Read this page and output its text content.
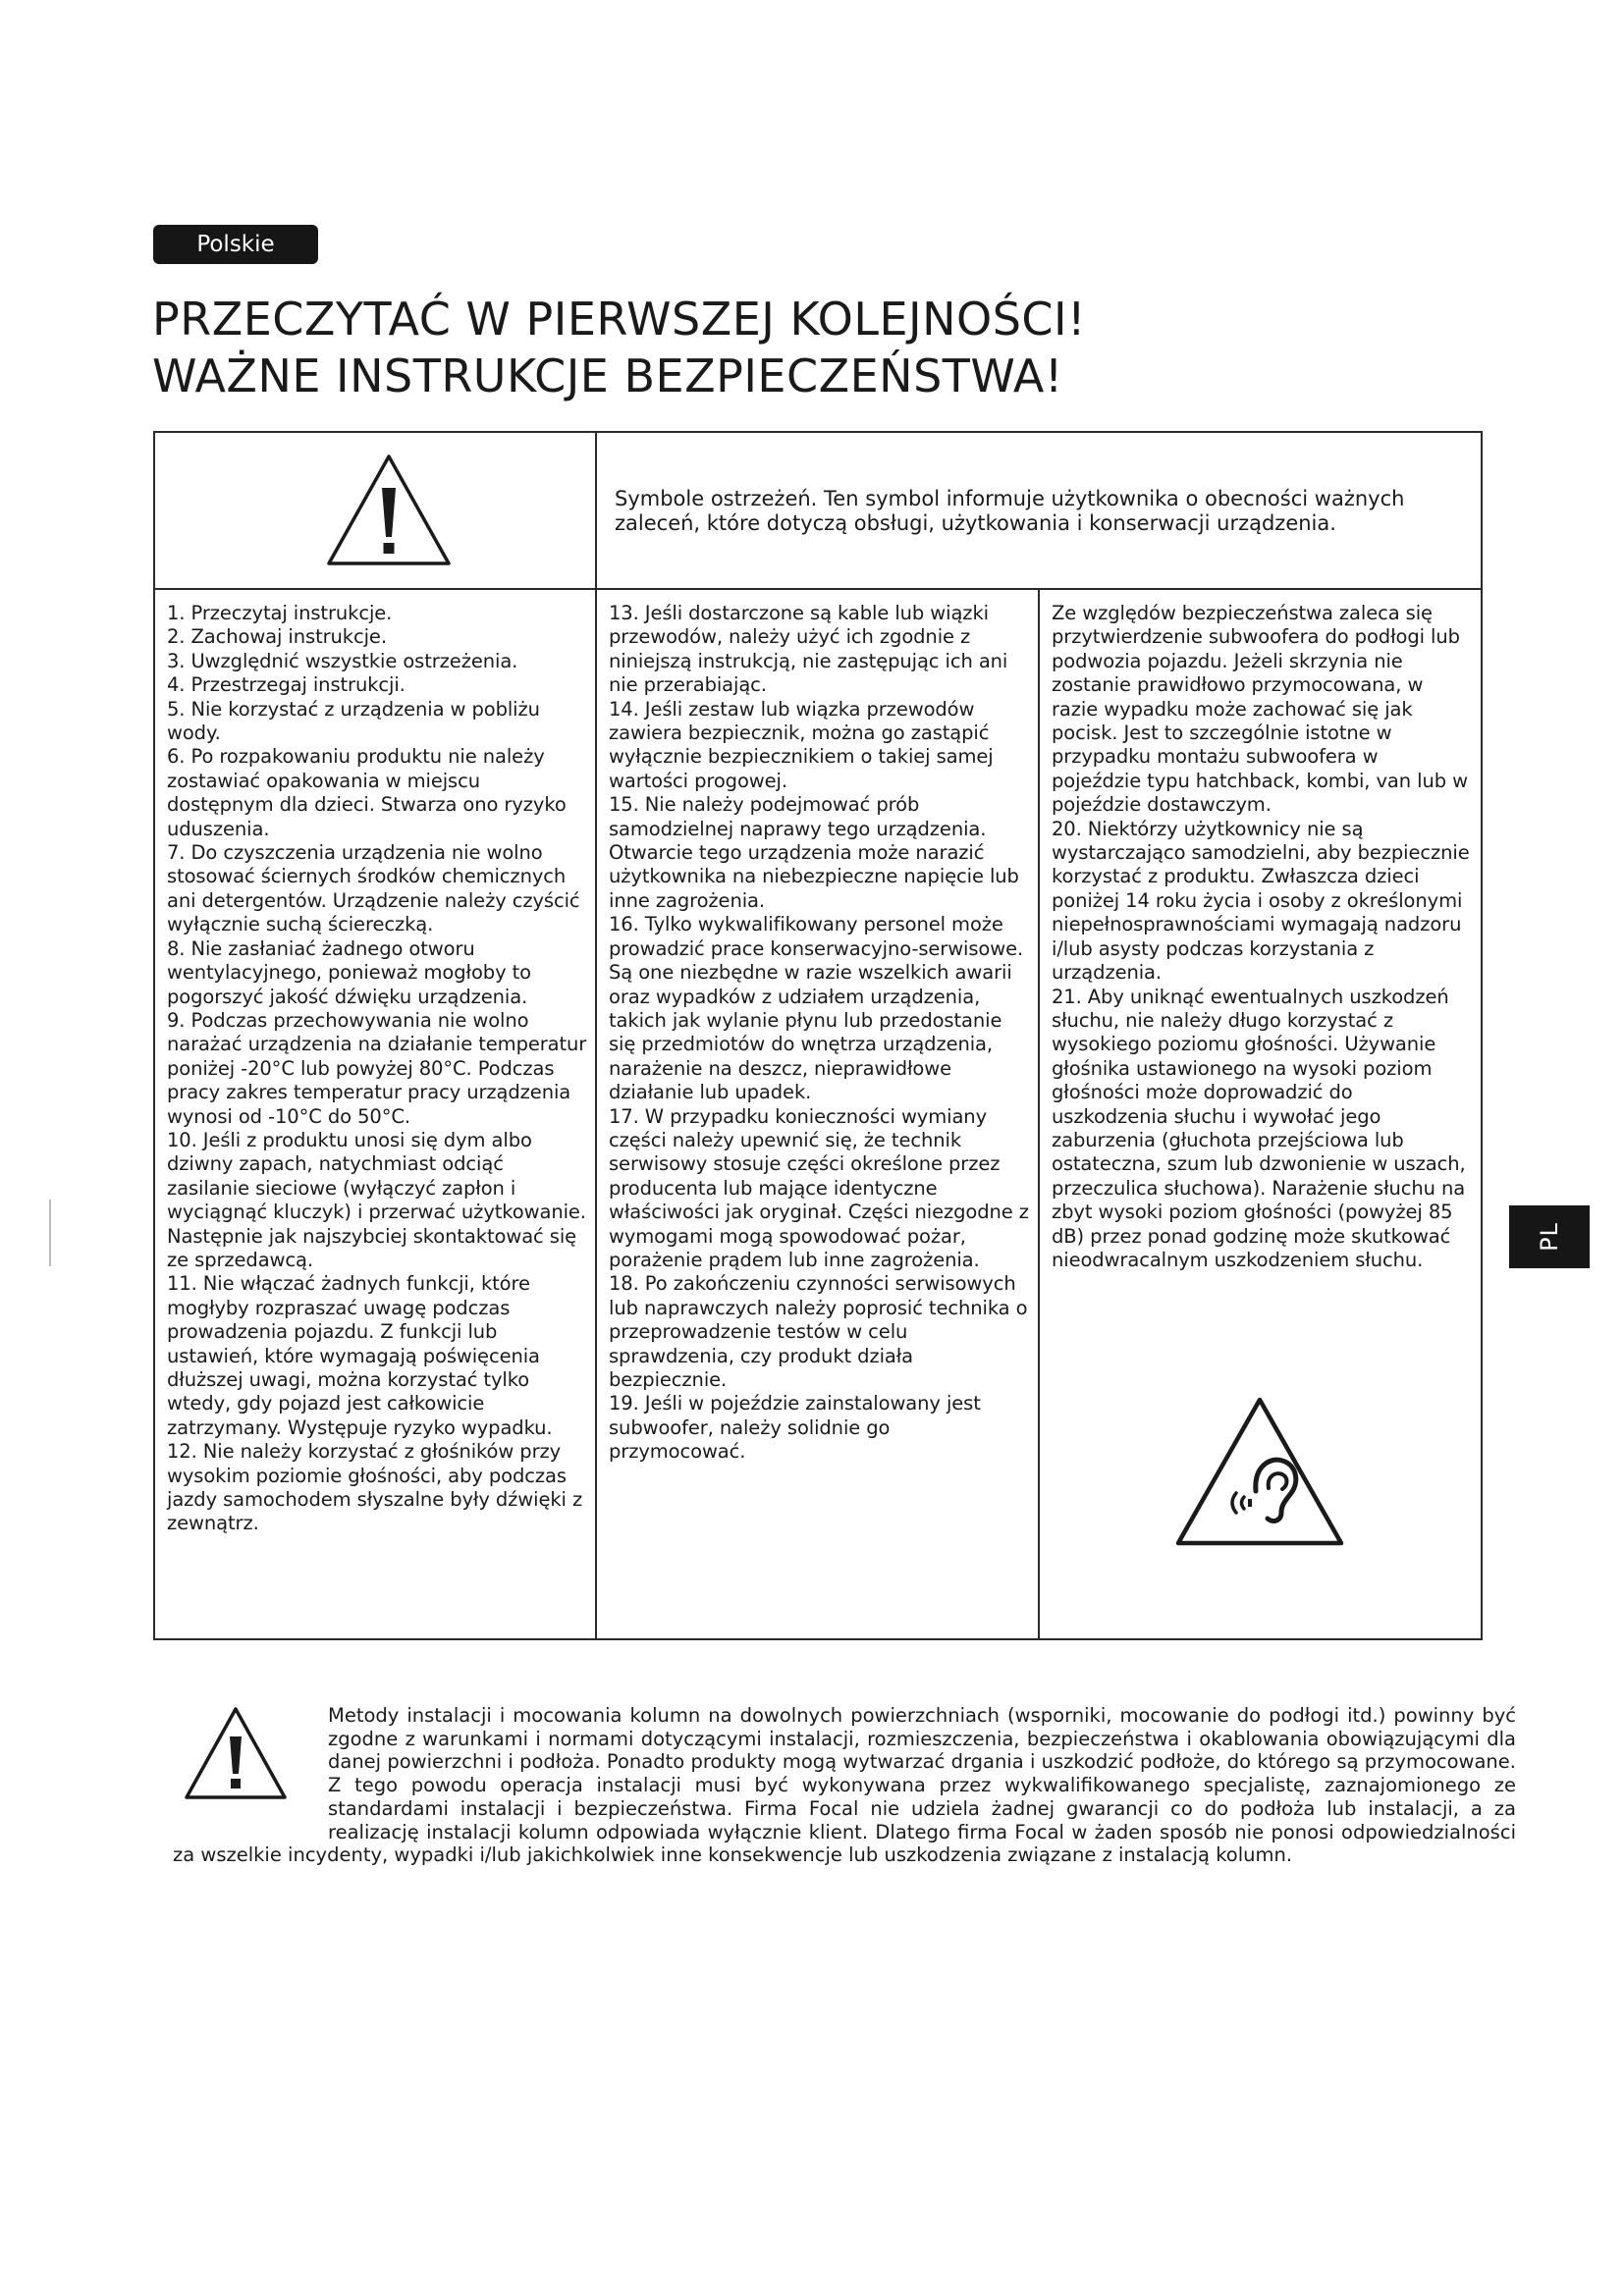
Polskie
PRZECZYTAĆ W PIERWSZEJ KOLEJNOŚCI!
WAŻNE INSTRUKCJE BEZPIECZEŃSTWA!
Symbole ostrzeżeń. Ten symbol informuje użytkownika o obecności ważnych zaleceń, które dotyczą obsługi, użytkowania i konserwacji urządzenia.

1. Przeczytaj instrukcje.

2. Zachowaj instrukcje.

3. Uwzględnić wszystkie ostrzeżenia.

4. Przestrzegaj instrukcji.

5. Nie korzystać z urządzenia w pobliżu wody.

6. Po rozpakowaniu produktu nie należy zostawiać opakowania w miejscu dostępnym dla dzieci. Stwarza ono ryzyko uduszenia.

7. Do czyszczenia urządzenia nie wolno stosować ściernych środków chemicznych ani detergentów. Urządzenie należy czyścić wyłącznie suchą ściereczką.

8. Nie zasłaniać żadnego otworu wentylacyjnego, ponieważ mogłoby to pogorszyć jakość dźwięku urządzenia.

9. Podczas przechowywania nie wolno narażać urządzenia na działanie temperatur poniżej -20°C lub powyżej 80°C. Podczas pracy zakres temperatur pracy urządzenia wynosi od -10°C do 50°C.

10. Jeśli z produktu unosi się dym albo dziwny zapach, natychmiast odciąć zasilanie sieciowe (wyłączyć zapłon i wyciągnąć kluczyk) i przerwać użytkowanie. Następnie jak najszybciej skontaktować się ze sprzedawcą.

11. Nie włączać żadnych funkcji, które mogłyby rozpraszać uwagę podczas prowadzenia pojazdu. Z funkcji lub ustawień, które wymagają poświęcenia dłuższej uwagi, można korzystać tylko wtedy, gdy pojazd jest całkowicie zatrzymany. Występuje ryzyko wypadku.

12. Nie należy korzystać z głośników przy wysokim poziomie głośności, aby podczas jazdy samochodem słyszalne były dźwięki z zewnątrz.

13. Jeśli dostarczone są kable lub wiązki przewodów, należy użyć ich zgodnie z niniejszą instrukcją, nie zastępując ich ani nie przerabiając.

14. Jeśli zestaw lub wiązka przewodów zawiera bezpiecznik, można go zastąpić wyłącznie bezpiecznikiem o takiej samej wartości progowej.

15. Nie należy podejmować prób samodzielnej naprawy tego urządzenia. Otwarcie tego urządzenia może narazić użytkownika na niebezpieczne napięcie lub inne zagrożenia.

16. Tylko wykwalifikowany personel może prowadzić prace konserwacyjno-serwisowe. Są one niezbędne w razie wszelkich awarii oraz wypadków z udziałem urządzenia, takich jak wylanie płynu lub przedostanie się przedmiotów do wnętrza urządzenia, narażenie na deszcz, nieprawidłowe działanie lub upadek.

17. W przypadku konieczności wymiany części należy upewnić się, że technik serwisowy stosuje części określone przez producenta lub mające identyczne właściwości jak oryginał. Części niezgodne z wymogami mogą spowodować pożar, porażenie prądem lub inne zagrożenia.

18. Po zakończeniu czynności serwisowych lub naprawczych należy poprosić technika o przeprowadzenie testów w celu sprawdzenia, czy produkt działa bezpiecznie.

19. Jeśli w pojeździe zainstalowany jest subwoofer, należy solidnie go przymocować.

Ze względów bezpieczeństwa zaleca się przytwierdzenie subwoofera do podłogi lub podwozia pojazdu. Jeżeli skrzynia nie zostanie prawidłowo przymocowana, w razie wypadku może zachować się jak pocisk. Jest to szczególnie istotne w przypadku montażu subwoofera w pojeździe typu hatchback, kombi, van lub w pojeździe dostawczym.

20. Niektórzy użytkownicy nie są wystarczająco samodzielni, aby bezpiecznie korzystać z produktu. Zwłaszcza dzieci poniżej 14 roku życia i osoby z określonymi niepełnosprawnościami wymagają nadzoru i/lub asysty podczas korzystania z urządzenia.

21. Aby uniknąć ewentualnych uszkodzeń słuchu, nie należy długo korzystać z wysokiego poziomu głośności. Używanie głośnika ustawionego na wysoki poziom głośności może doprowadzić do uszkodzenia słuchu i wywołać jego zaburzenia (głuchota przejściowa lub ostateczna, szum lub dzwonienie w uszach, przeczulica słuchowa). Narażenie słuchu na zbyt wysoki poziom głośności (powyżej 85 dB) przez ponad godzinę może skutkować nieodwracalnym uszkodzeniem słuchu.

Metody instalacji i mocowania kolumn na dowolnych powierzchniach (wsporniki, mocowanie do podłogi itd.) powinny być zgodne z warunkami i normami dotyczącymi instalacji, rozmieszczenia, bezpieczeństwa i okablowania obowiązującymi dla danej powierzchni i podłoża. Ponadto produkty mogą wytwarzać drgania i uszkodzić podłoże, do którego są przymocowane. Z tego powodu operacja instalacji musi być wykonywana przez wykwalifikowanego specjalistę, zaznajomionego ze standardami instalacji i bezpieczeństwa. Firma Focal nie udziela żadnej gwarancji co do podłoża lub instalacji, a za realizację instalacji kolumn odpowiada wyłącznie klient. Dlatego firma Focal w żaden sposób nie ponosi odpowiedzialności za wszelkie incydenty, wypadki i/lub jakichkolwiek inne konsekwencje lub uszkodzenia związane z instalacją kolumn.
PL
